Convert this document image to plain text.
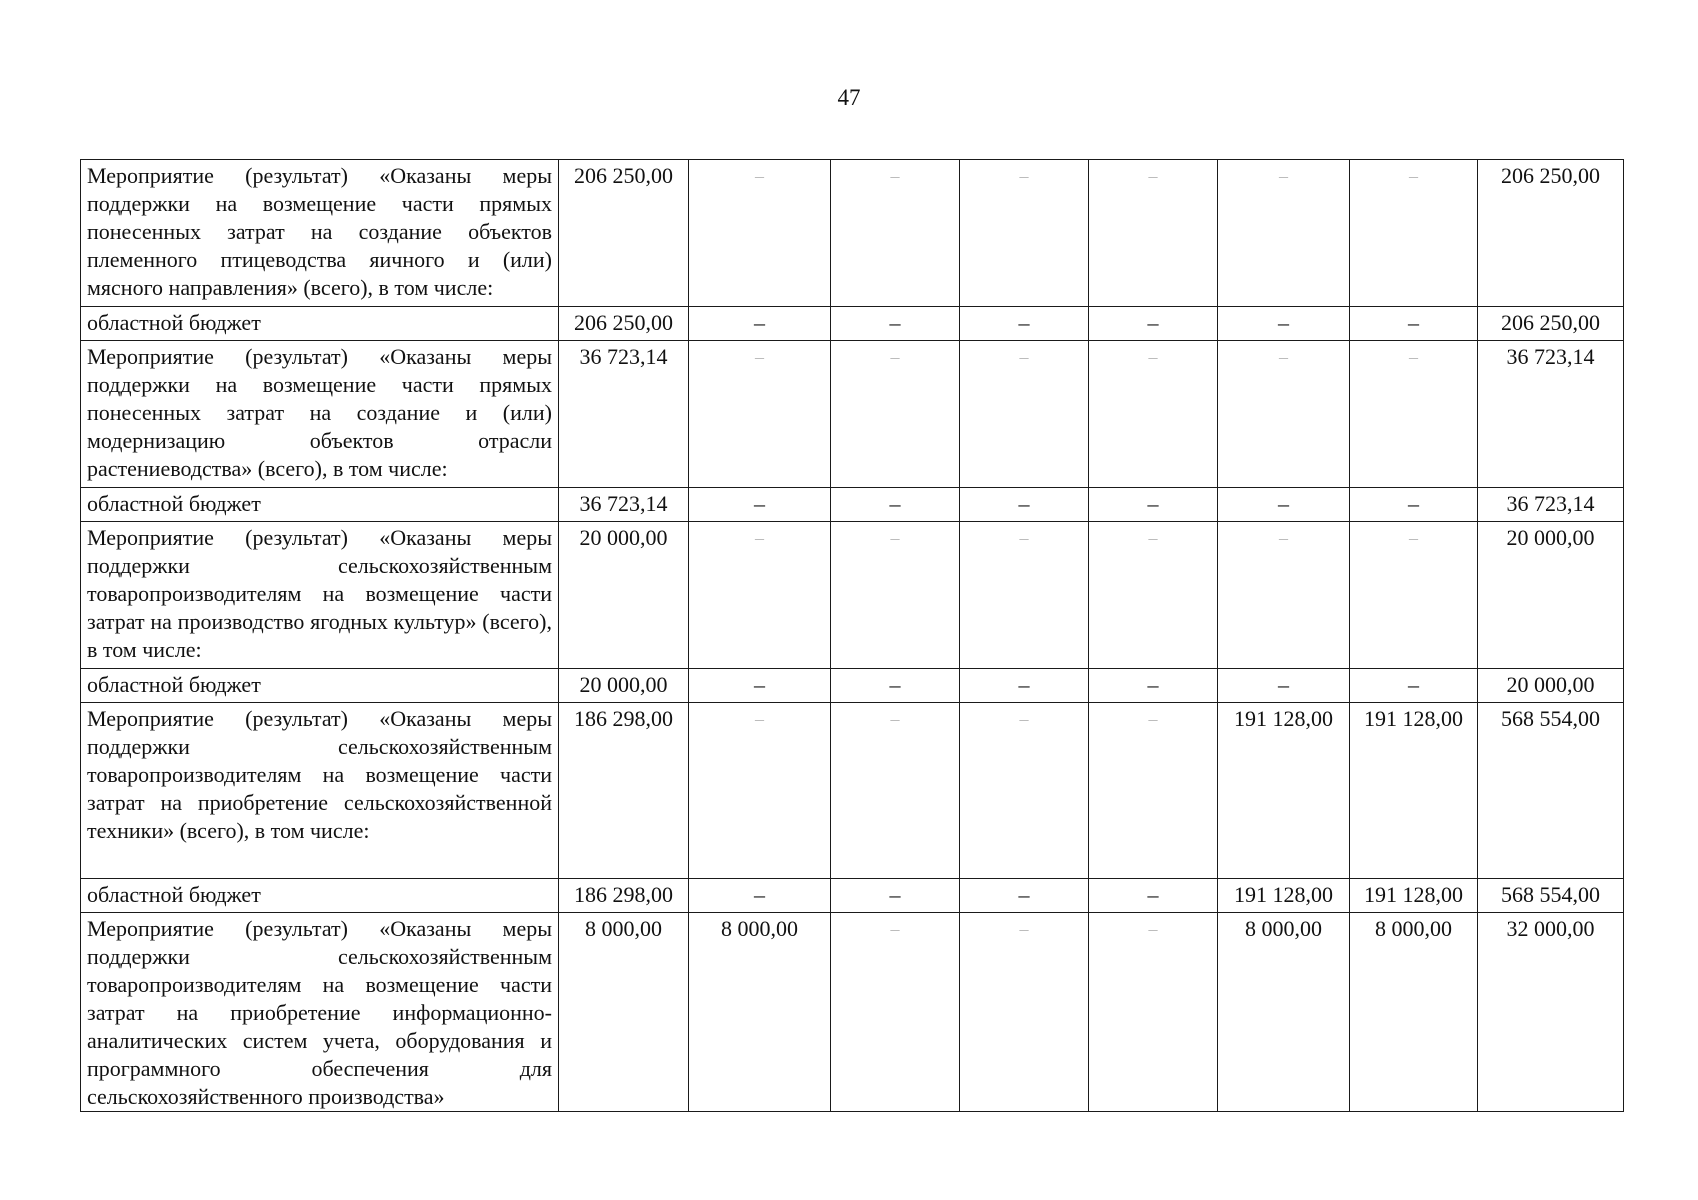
47
Мероприятие (результат) «Оказаны меры поддержки на возмещение части прямых понесенных затрат на создание объектов племенного птицеводства яичного и (или) мясного направления» (всего), в том числе:	206 250,00	–	–	–	–	–	–	206 250,00
областной бюджет	206 250,00	–	–	–	–	–	–	206 250,00
Мероприятие (результат) «Оказаны меры поддержки на возмещение части прямых понесенных затрат на создание и (или) модернизацию объектов отрасли растениеводства» (всего), в том числе:	36 723,14	–	–	–	–	–	–	36 723,14
областной бюджет	36 723,14	–	–	–	–	–	–	36 723,14
Мероприятие (результат) «Оказаны меры поддержки сельскохозяйственным товаропроизводителям на возмещение части затрат на производство ягодных культур» (всего), в том числе:	20 000,00	–	–	–	–	–	–	20 000,00
областной бюджет	20 000,00	–	–	–	–	–	–	20 000,00
Мероприятие (результат) «Оказаны меры поддержки сельскохозяйственным товаропроизводителям на возмещение части затрат на приобретение сельскохозяйственной техники» (всего), в том числе:	186 298,00	–	–	–	–	191 128,00	191 128,00	568 554,00
областной бюджет	186 298,00	–	–	–	–	191 128,00	191 128,00	568 554,00
Мероприятие (результат) «Оказаны меры поддержки сельскохозяйственным товаропроизводителям на возмещение части затрат на приобретение информационно-аналитических систем учета, оборудования и программного обеспечения для сельскохозяйственного производства»	8 000,00	8 000,00	–	–	–	8 000,00	8 000,00	32 000,00
